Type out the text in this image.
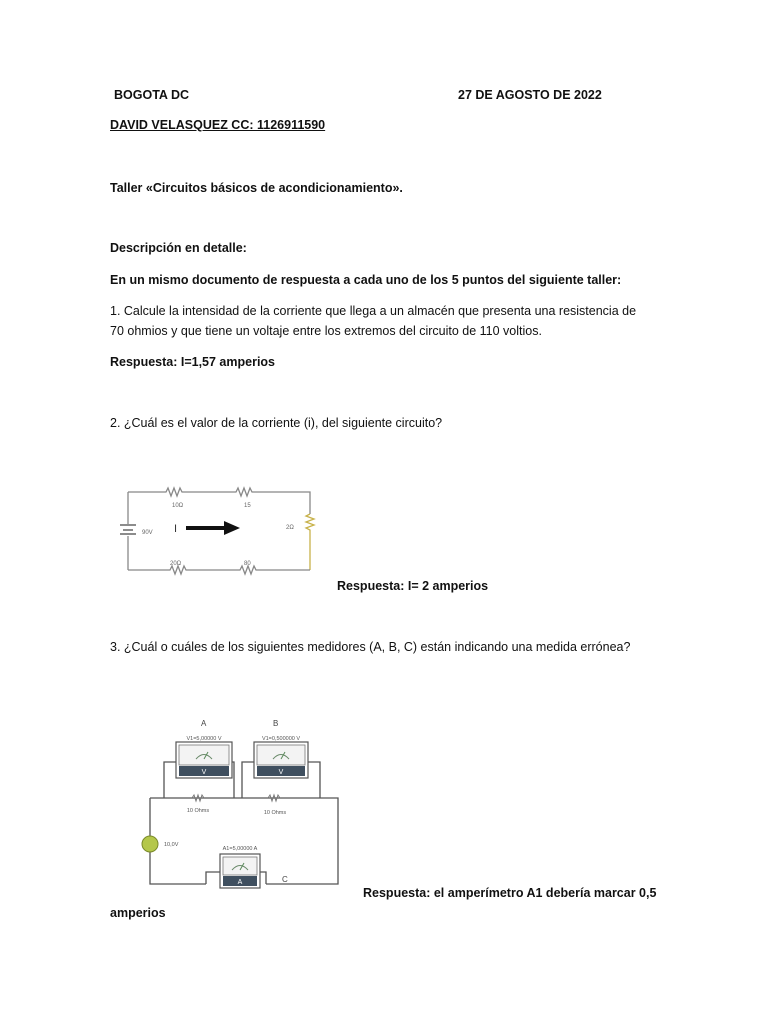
BOGOTA DC	27 DE AGOSTO DE 2022
DAVID VELASQUEZ CC: 1126911590
Taller «Circuitos básicos de acondicionamiento».
Descripción en detalle:
En un mismo documento de respuesta a cada uno de los 5 puntos del siguiente taller:
1. Calcule la intensidad de la corriente que llega a un almacén que presenta una resistencia de
70 ohmios y que tiene un voltaje entre los extremos del circuito de 110 voltios.
Respuesta: I=1,57 amperios
2. ¿Cuál es el valor de la corriente (i), del siguiente circuito?
10Ω	15
2Ω
20Ω	80
90V I
Respuesta: I= 2 amperios
3. ¿Cuál o cuáles de los siguientes medidores (A, B, C) están indicando una medida errónea?
V	V
A
V1=5,00000 V	V1=0,500000 V
10 Ohms	10 Ohms
A1=5,00000 A
10,0V
A	B
C
Respuesta: el amperímetro A1 debería marcar 0,5
amperios
